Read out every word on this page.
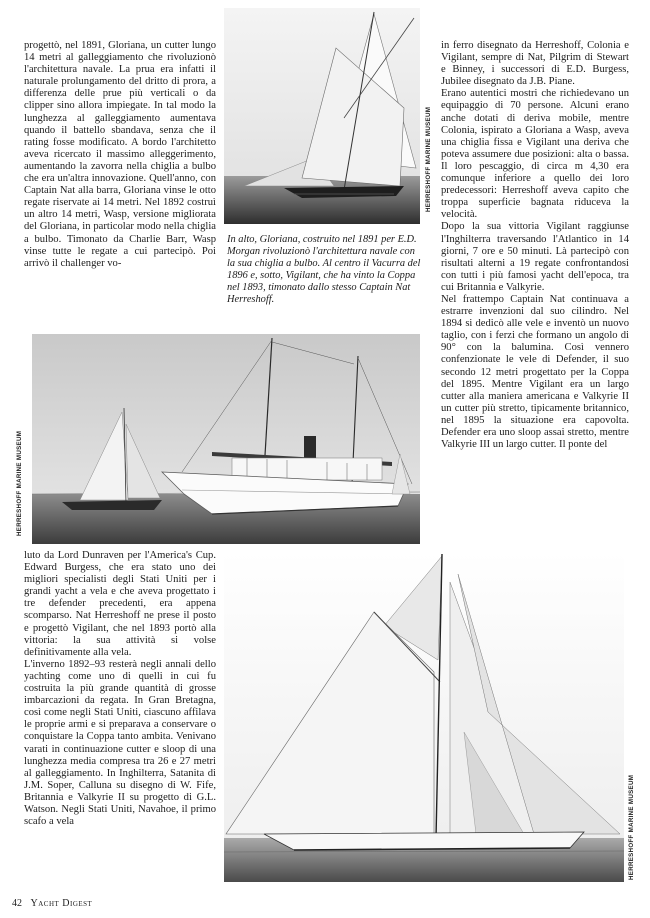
progettò, nel 1891, Gloriana, un cutter lungo 14 metri al galleggiamento che rivoluzionò l'architettura navale. La prua era infatti il naturale prolungamento del dritto di prora, a differenza delle prue più verticali o da clipper sino allora impiegate. In tal modo la lunghezza al galleggiamento aumentava quando il battello sbandava, senza che il rating fosse modificato. A bordo l'architetto aveva ricercato il massimo alleggerimento, aumentando la zavorra nella chiglia a bulbo che era un'altra innovazione. Quell'anno, con Captain Nat alla barra, Gloriana vinse le otto regate riservate ai 14 metri. Nel 1892 costruì un altro 14 metri, Wasp, versione migliorata del Gloriana, in particolar modo nella chiglia a bulbo. Timonato da Charlie Barr, Wasp vinse tutte le regate a cui partecipò. Poi arrivò il challenger vo-

HERRESHOFF MARINE MUSEUM
In alto, Gloriana, costruito nel 1891 per E.D. Morgan rivoluzionò l'architettura navale con la sua chiglia a bulbo. Al centro il Vacurra del 1896 e, sotto, Vigilant, che ha vinto la Coppa nel 1893, timonato dallo stesso Captain Nat Herreshoff.

in ferro disegnato da Herreshoff, Colonia e Vigilant, sempre di Nat, Pilgrim di Stewart e Binney, i successori di E.D. Burgess, Jubilee disegnato da J.B. Piane.

Erano autentici mostri che richiedevano un equipaggio di 70 persone. Alcuni erano anche dotati di deriva mobile, mentre Colonia, ispirato a Gloriana a Wasp, aveva una chiglia fissa e Vigilant una deriva che poteva assumere due posizioni: alta o bassa. Il loro pescaggio, di circa m 4,30 era comunque inferiore a quello dei loro predecessori: Herreshoff aveva capito che troppa superficie bagnata riduceva la velocità.

Dopo la sua vittoria Vigilant raggiunse l'Inghilterra traversando l'Atlantico in 14 giorni, 7 ore e 50 minuti. Là partecipò con risultati alterni a 19 regate confrontandosi con tutti i più famosi yacht dell'epoca, tra cui Britannia e Valkyrie.

Nel frattempo Captain Nat continuava a estrarre invenzioni dal suo cilindro. Nel 1894 si dedicò alle vele e inventò un nuovo taglio, con i ferzi che formano un angolo di 90° con la balumina. Così vennero confenzionate le vele di Defender, il suo secondo 12 metri progettato per la Coppa del 1895. Mentre Vigilant era un largo cutter alla maniera americana e Valkyrie II un cutter più stretto, tipicamente britannico, nel 1895 la situazione era capovolta. Defender era uno sloop assai stretto, mentre Valkyrie III un largo cutter. Il ponte del

HERRESHOFF MARINE MUSEUM

luto da Lord Dunraven per l'America's Cup. Edward Burgess, che era stato uno dei migliori specialisti degli Stati Uniti per i grandi yacht a vela e che aveva progettato i tre defender precedenti, era appena scomparso. Nat Herreshoff ne prese il posto e progettò Vigilant, che nel 1893 portò alla vittoria: la sua attività si volse definitivamente alla vela.

L'inverno 1892–93 resterà negli annali dello yachting come uno di quelli in cui fu costruita la più grande quantità di grosse imbarcazioni da regata. In Gran Bretagna, così come negli Stati Uniti, ciascuno affilava le proprie armi e si preparava a conservare o conquistare la Coppa tanto ambita. Venivano varati in continuazione cutter e sloop di una lunghezza media compresa tra 26 e 27 metri al galleggiamento. In Inghilterra, Satanita di J.M. Soper, Calluna su disegno di W. Fife, Britannia e Valkyrie II su progetto di G.L. Watson. Negli Stati Uniti, Navahoe, il primo scafo a vela	HERRESHOFF MARINE MUSEUM
42 Yacht Digest
